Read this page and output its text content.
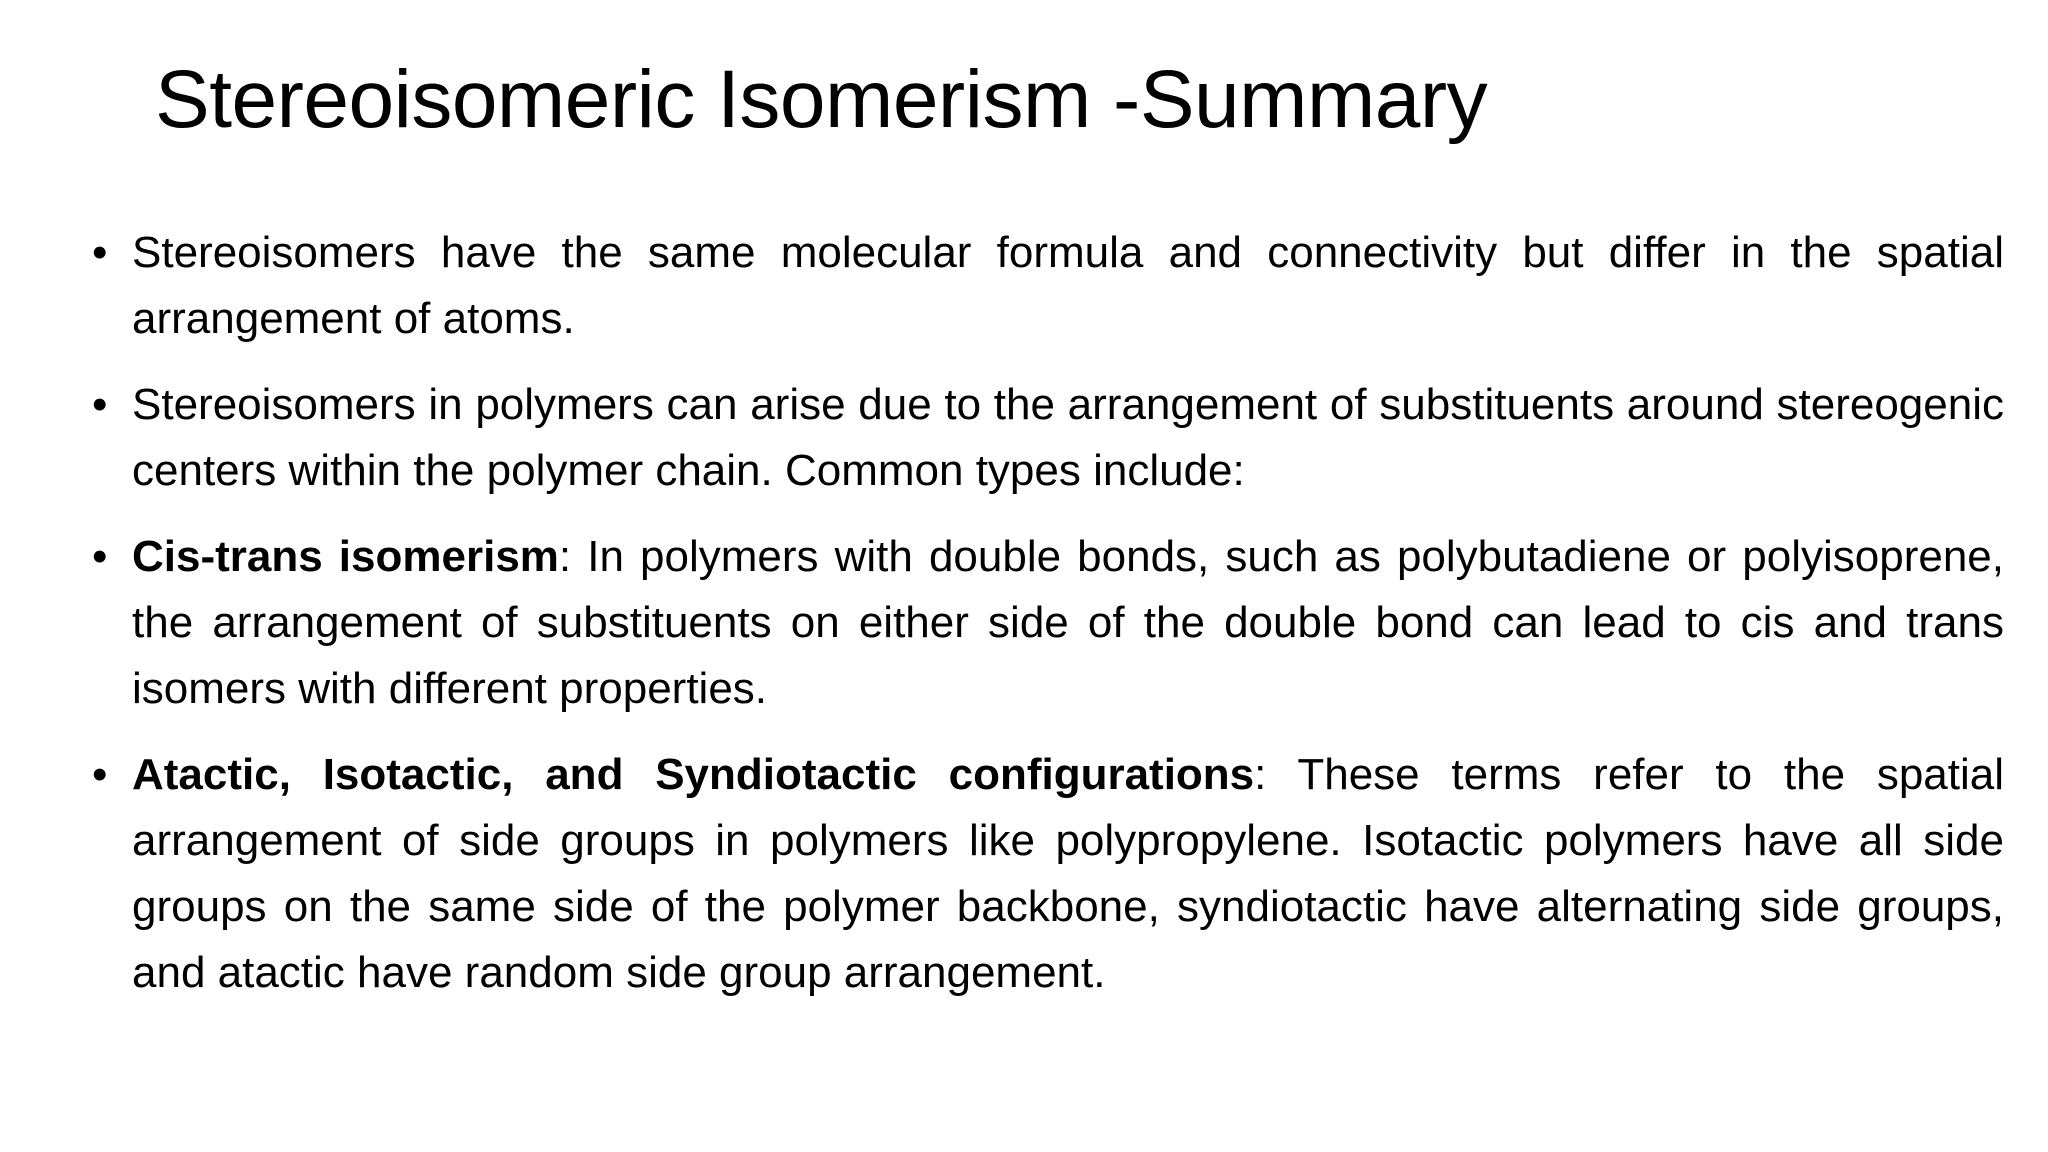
Stereoisomeric Isomerism -Summary
• Stereoisomers have the same molecular formula and connectivity but differ in the spatial arrangement of atoms.
• Stereoisomers in polymers can arise due to the arrangement of substituents around stereogenic centers within the polymer chain. Common types include:
• Cis-trans isomerism: In polymers with double bonds, such as polybutadiene or polyisoprene, the arrangement of substituents on either side of the double bond can lead to cis and trans isomers with different properties.
• Atactic, Isotactic, and Syndiotactic configurations: These terms refer to the spatial arrangement of side groups in polymers like polypropylene. Isotactic polymers have all side groups on the same side of the polymer backbone, syndiotactic have alternating side groups, and atactic have random side group arrangement.
